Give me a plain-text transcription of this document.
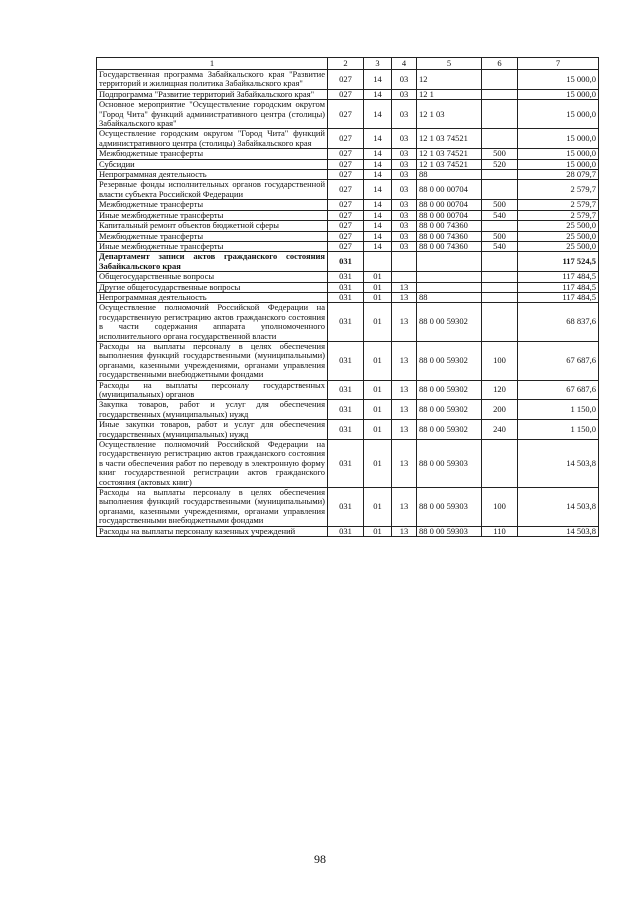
1	2	3	4	5	6	7
Государственная программа Забайкальского края "Развитие территорий и жилищная политика Забайкальского края"	027	14	03	12		15 000,0
Подпрограмма "Развитие территорий Забайкальского края"	027	14	03	12 1		15 000,0
Основное мероприятие "Осуществление городским округом "Город Чита" функций административного центра (столицы) Забайкальского края"	027	14	03	12 1 03		15 000,0
Осуществление городским округом "Город Чита" функций административного центра (столицы) Забайкальского края	027	14	03	12 1 03 74521		15 000,0
Межбюджетные трансферты	027	14	03	12 1 03 74521	500	15 000,0
Субсидии	027	14	03	12 1 03 74521	520	15 000,0
Непрограммная деятельность	027	14	03	88		28 079,7
Резервные фонды исполнительных органов государственной власти субъекта Российской Федерации	027	14	03	88 0 00 00704		2 579,7
Межбюджетные трансферты	027	14	03	88 0 00 00704	500	2 579,7
Иные межбюджетные трансферты	027	14	03	88 0 00 00704	540	2 579,7
Капитальный ремонт объектов бюджетной сферы	027	14	03	88 0 00 74360		25 500,0
Межбюджетные трансферты	027	14	03	88 0 00 74360	500	25 500,0
Иные межбюджетные трансферты	027	14	03	88 0 00 74360	540	25 500,0
Департамент записи актов гражданского состояния Забайкальского края	031					117 524,5
Общегосударственные вопросы	031	01				117 484,5
Другие общегосударственные вопросы	031	01	13			117 484,5
Непрограммная деятельность	031	01	13	88		117 484,5
Осуществление полномочий Российской Федерации на государственную регистрацию актов гражданского состояния в части содержания аппарата уполномоченного исполнительного органа государственной власти	031	01	13	88 0 00 59302		68 837,6
Расходы на выплаты персоналу в целях обеспечения выполнения функций государственными (муниципальными) органами, казенными учреждениями, органами управления государственными внебюджетными фондами	031	01	13	88 0 00 59302	100	67 687,6
Расходы на выплаты персоналу государственных (муниципальных) органов	031	01	13	88 0 00 59302	120	67 687,6
Закупка товаров, работ и услуг для обеспечения государственных (муниципальных) нужд	031	01	13	88 0 00 59302	200	1 150,0
Иные закупки товаров, работ и услуг для обеспечения государственных (муниципальных) нужд	031	01	13	88 0 00 59302	240	1 150,0
Осуществление полномочий Российской Федерации на государственную регистрацию актов гражданского состояния в части обеспечения работ по переводу в электронную форму книг государственной регистрации актов гражданского состояния (актовых книг)	031	01	13	88 0 00 59303		14 503,8
Расходы на выплаты персоналу в целях обеспечения выполнения функций государственными (муниципальными) органами, казенными учреждениями, органами управления государственными внебюджетными фондами	031	01	13	88 0 00 59303	100	14 503,8
Расходы на выплаты персоналу казенных учреждений	031	01	13	88 0 00 59303	110	14 503,8
98
